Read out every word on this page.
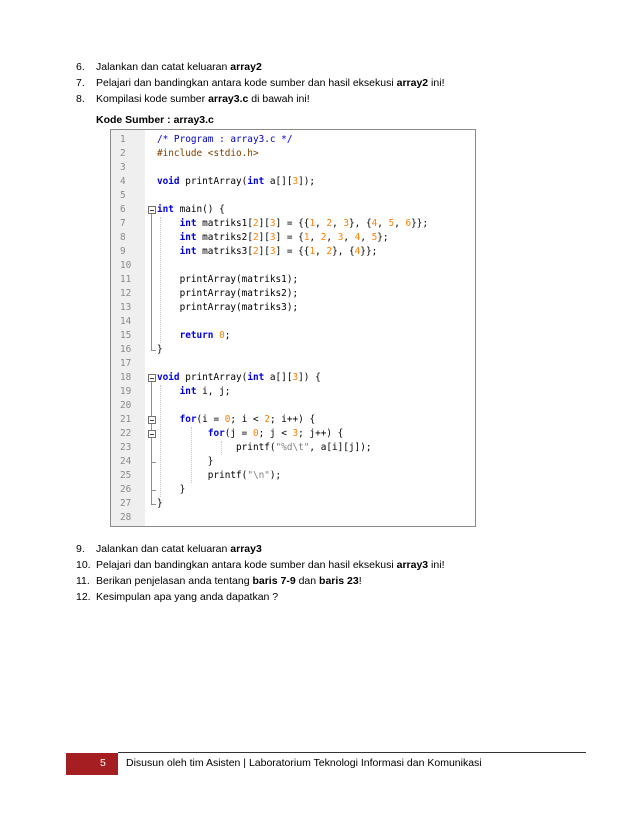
6.	Jalankan dan catat keluaran array2
7.	Pelajari dan bandingkan antara kode sumber dan hasil eksekusi array2 ini!
8.	Kompilasi kode sumber array3.c di bawah ini!
Kode Sumber : array3.c
1	/* Program : array3.c */
2	#include <stdio.h>
3
4	void printArray(int a[][3]);
5
6	int main() {
7	int matriks1[2][3] = {{1, 2, 3}, {4, 5, 6}};
8	int matriks2[2][3] = {1, 2, 3, 4, 5};
9	int matriks3[2][3] = {{1, 2}, {4}};
10
11	printArray(matriks1);
12	printArray(matriks2);
13	printArray(matriks3);
14
15	return 0;
16	}
17
18	void printArray(int a[][3]) {
19	int i, j;
20
21	for(i = 0; i < 2; i++) {
22	for(j = 0; j < 3; j++) {
23	printf("%d\t", a[i][j]);
24	}
25	printf("\n");
26	}
27	}
28
9.	Jalankan dan catat keluaran array3
10. Pelajari dan bandingkan antara kode sumber dan hasil eksekusi array3 ini!
11. Berikan penjelasan anda tentang baris 7-9 dan baris 23!
12. Kesimpulan apa yang anda dapatkan ?
5 Disusun oleh tim Asisten | Laboratorium Teknologi Informasi dan Komunikasi
